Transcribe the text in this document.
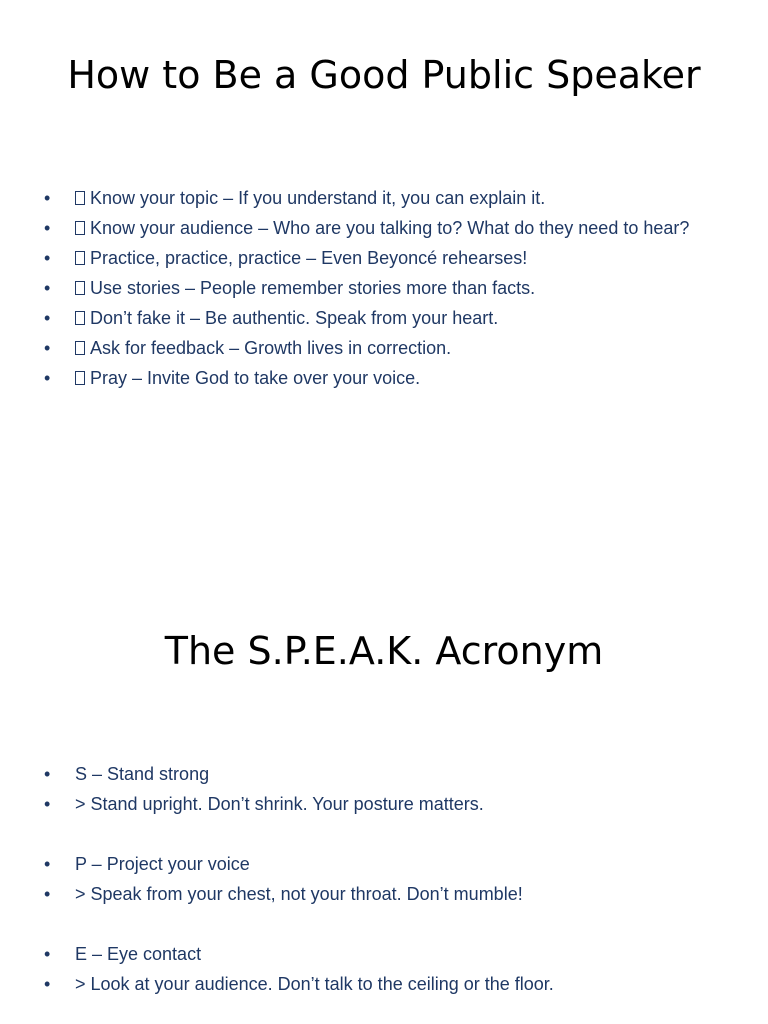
How to Be a Good Public Speaker
• Know your topic – If you understand it, you can explain it.
• Know your audience – Who are you talking to? What do they need to hear?
• Practice, practice, practice – Even Beyoncé rehearses!
• Use stories – People remember stories more than facts.
• Don’t fake it – Be authentic. Speak from your heart.
• Ask for feedback – Growth lives in correction.
• Pray – Invite God to take over your voice.
The S.P.E.A.K. Acronym
• S – Stand strong
• > Stand upright. Don’t shrink. Your posture matters.
• P – Project your voice
• > Speak from your chest, not your throat. Don’t mumble!
• E – Eye contact
• > Look at your audience. Don’t talk to the ceiling or the floor.
